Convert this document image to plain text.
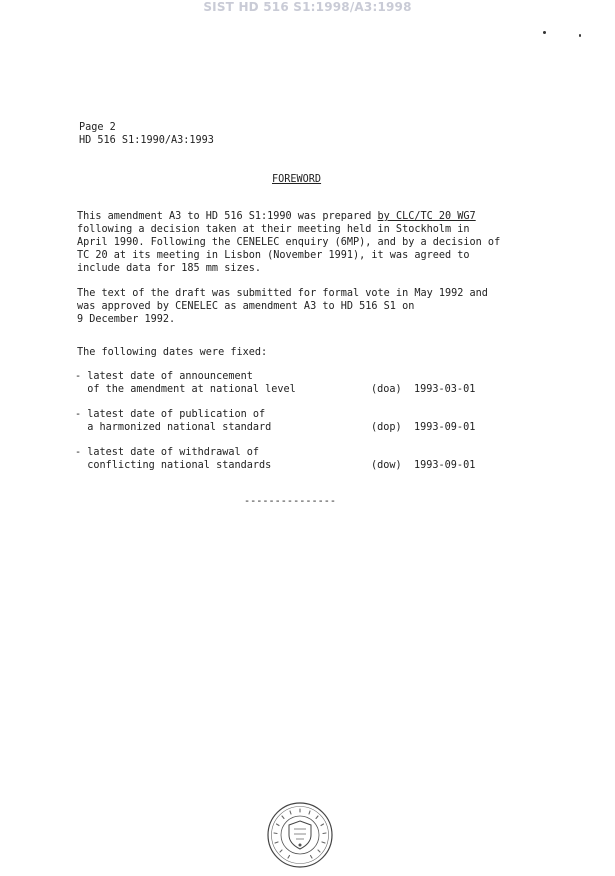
SIST HD 516 S1:1998/A3:1998
Page 2
HD 516 S1:1990/A3:1993
FOREWORD
This amendment A3 to HD 516 S1:1990 was prepared by CLC/TC 20 WG7
following a decision taken at their meeting held in Stockholm in
April 1990. Following the CENELEC enquiry (6MP), and by a decision of
TC 20 at its meeting in Lisbon (November 1991), it was agreed to
include data for 185 mm sizes.
The text of the draft was submitted for formal vote in May 1992 and
was approved by CENELEC as amendment A3 to HD 516 S1 on
9 December 1992.
The following dates were fixed:
- latest date of announcement
of the amendment at national level	(doa)	1993-03-01

- latest date of publication of
a harmonized national standard	(dop)	1993-09-01

- latest date of withdrawal of
conflicting national standards	(dow)	1993-09-01
---------------
